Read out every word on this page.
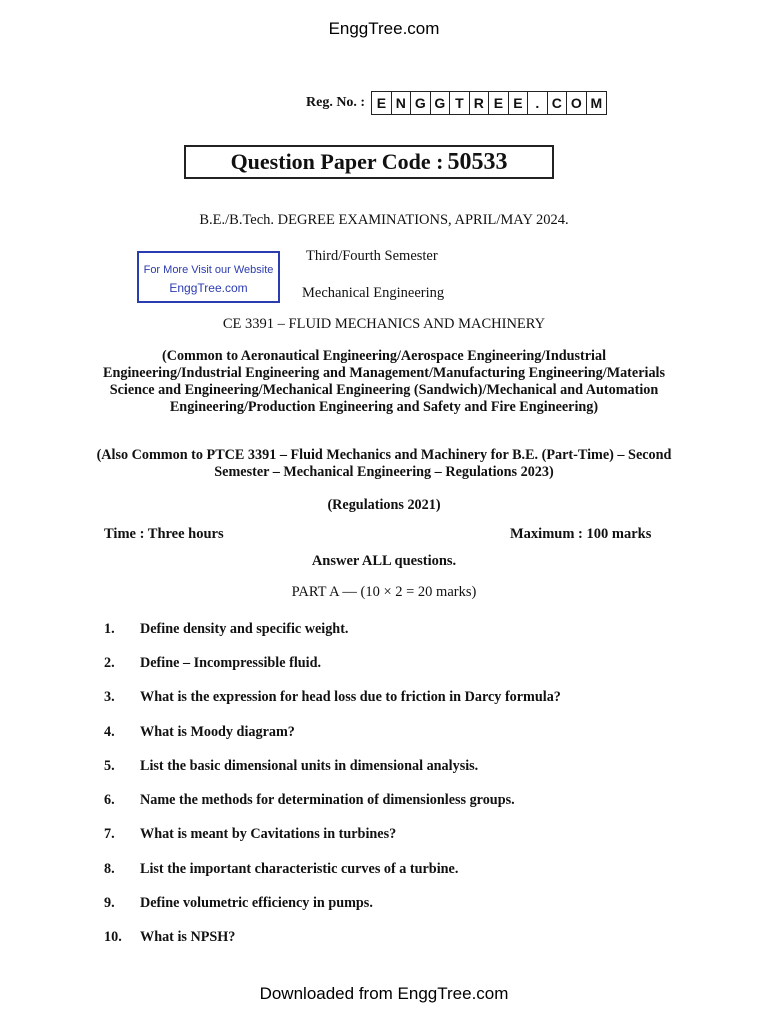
EnggTree.com
Reg. No. : E N G G T R E E . C O M
Question Paper Code : 50533
B.E./B.Tech. DEGREE EXAMINATIONS, APRIL/MAY 2024.
For More Visit our Website
EnggTree.com
Third/Fourth Semester
Mechanical Engineering
CE 3391 – FLUID MECHANICS AND MACHINERY
(Common to Aeronautical Engineering/Aerospace Engineering/Industrial Engineering/Industrial Engineering and Management/Manufacturing Engineering/Materials Science and Engineering/Mechanical Engineering (Sandwich)/Mechanical and Automation Engineering/Production Engineering and Safety and Fire Engineering)
(Also Common to PTCE 3391 – Fluid Mechanics and Machinery for B.E. (Part-Time) – Second Semester – Mechanical Engineering – Regulations 2023)
(Regulations 2021)
Time : Three hours	Maximum : 100 marks
Answer ALL questions.
PART A — (10 × 2 = 20 marks)
1.	Define density and specific weight.
2.	Define – Incompressible fluid.
3.	What is the expression for head loss due to friction in Darcy formula?
4.	What is Moody diagram?
5.	List the basic dimensional units in dimensional analysis.
6.	Name the methods for determination of dimensionless groups.
7.	What is meant by Cavitations in turbines?
8.	List the important characteristic curves of a turbine.
9.	Define volumetric efficiency in pumps.
10.	What is NPSH?
Downloaded from EnggTree.com
